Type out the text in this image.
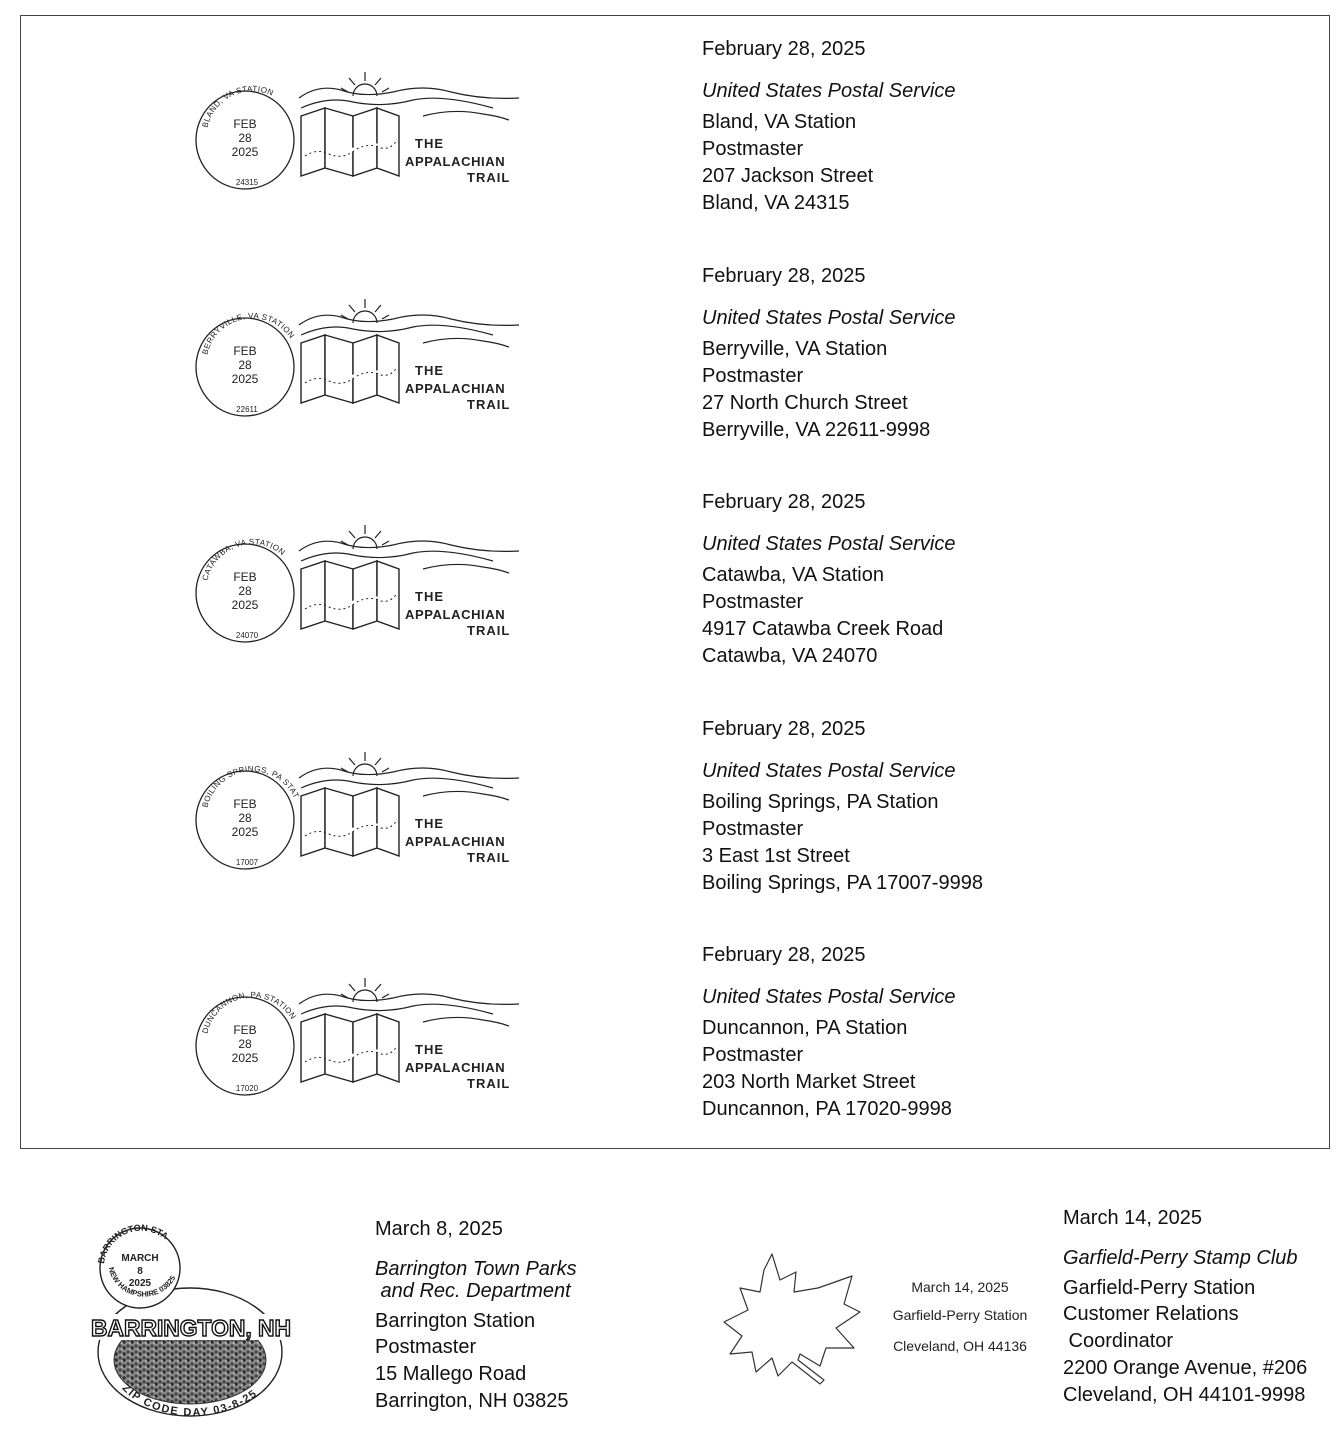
BLAND, VA STATION
FEB
28
2025
24315
THE
APPALACHIAN
TRAIL
February 28, 2025
United States Postal Service
Bland, VA Station
Postmaster
207 Jackson Street
Bland, VA 24315
BERRYVILLE, VA STATION
FEB
28
2025
22611
THE
APPALACHIAN
TRAIL
February 28, 2025
United States Postal Service
Berryville, VA Station
Postmaster
27 North Church Street
Berryville, VA 22611-9998
CATAWBA, VA STATION
FEB
28
2025
24070
THE
APPALACHIAN
TRAIL
February 28, 2025
United States Postal Service
Catawba, VA Station
Postmaster
4917 Catawba Creek Road
Catawba, VA 24070
BOILING SPRINGS, PA STAT
FEB
28
2025
17007
THE
APPALACHIAN
TRAIL
February 28, 2025
United States Postal Service
Boiling Springs, PA Station
Postmaster
3 East 1st Street
Boiling Springs, PA 17007-9998
DUNCANNON, PA STATION
FEB
28
2025
17020
THE
APPALACHIAN
TRAIL
February 28, 2025
United States Postal Service
Duncannon, PA Station
Postmaster
203 North Market Street
Duncannon, PA 17020-9998
BARRINGTON STA
NEW HAMPSHIRE 03825
MARCH
8
2025
BARRINGTON, NH
ZIP CODE DAY 03-8-25
March 8, 2025
Barrington Town Parks
and Rec. Department
Barrington Station
Postmaster
15 Mallego Road
Barrington, NH 03825
March 14, 2025
Garfield-Perry Station
Cleveland, OH 44136
March 14, 2025
Garfield-Perry Stamp Club
Garfield-Perry Station
Customer Relations
Coordinator
2200 Orange Avenue, #206
Cleveland, OH 44101-9998
